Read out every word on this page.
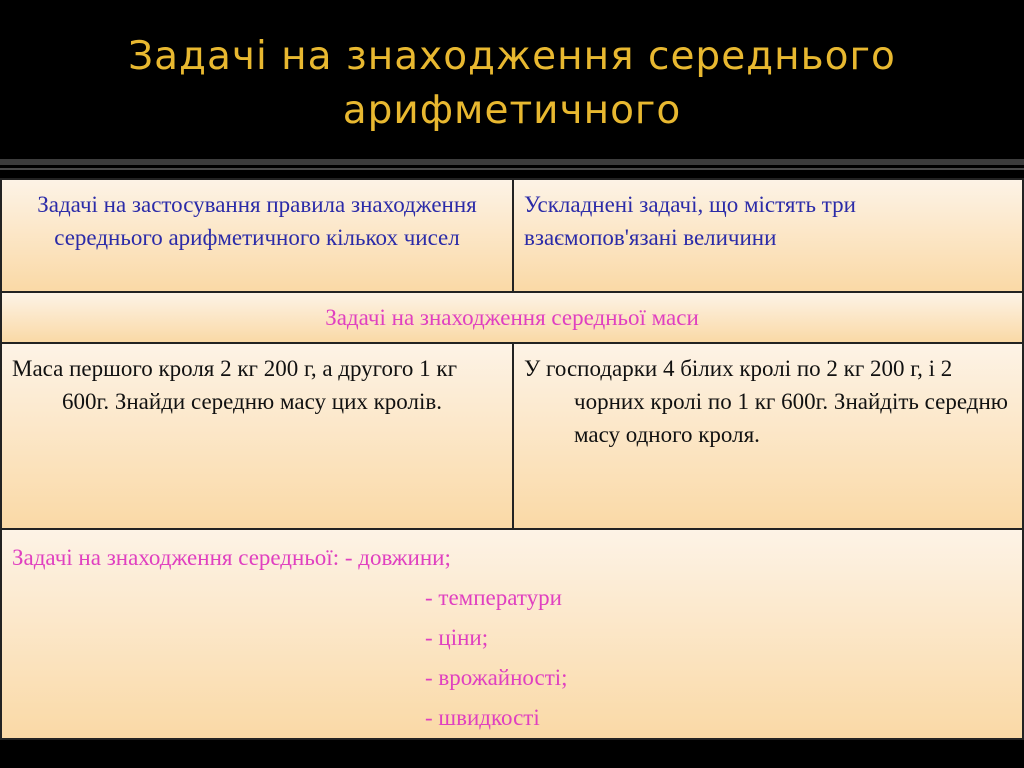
Задачі на знаходження середнього арифметичного
Задачі на застосування правила знаходження середнього арифметичного кількох чисел	Ускладнені задачі, що містять три взаємопов'язані величини
Задачі на знаходження середньої маси	
Маса першого кроля 2 кг 200 г, а другого 1 кг 600г. Знайди середню масу цих кролів.	У господарки 4 білих кролі по 2 кг 200 г, і 2 чорних кролі по 1 кг 600г. Знайдіть середню масу одного кроля.

Задачі на знаходження середньої: - довжини;
- температури
- ціни;
- врожайності;
- швидкості	
